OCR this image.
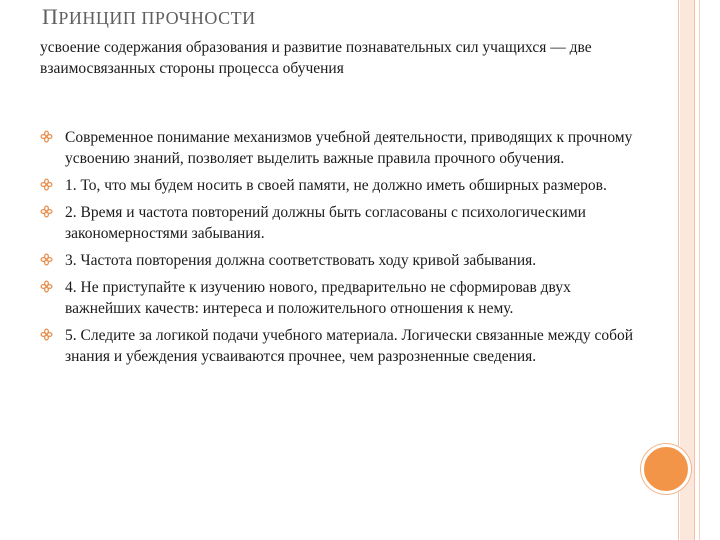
ПРИНЦИП ПРОЧНОСТИ

усвоение содержания образования и развитие познавательных сил учащихся — две взаимосвязанных стороны процесса обучения

Современное понимание механизмов учебной деятельности, приводящих к прочному усвоению знаний, позволяет выделить важные правила прочного обучения.
1. То, что мы будем носить в своей памяти, не должно иметь обширных размеров.
2. Время и частота повторений должны быть согласованы с психологическими закономерностями забывания.
3. Частота повторения должна соответствовать ходу кривой забывания.
4. Не приступайте к изучению нового, предварительно не сформировав двух важнейших качеств: интереса и положительного отношения к нему.
5. Следите за логикой подачи учебного материала. Логически связанные между собой знания и убеждения усваиваются прочнее, чем разрозненные сведения.
